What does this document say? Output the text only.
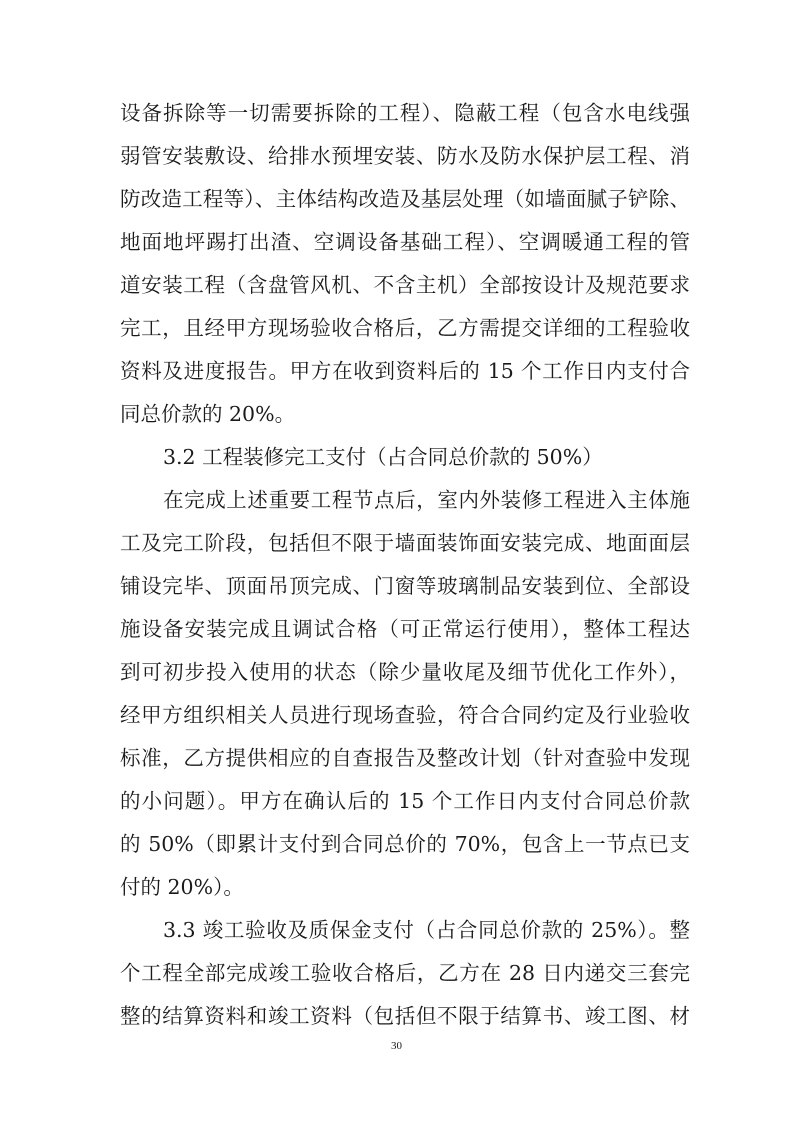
设备拆除等一切需要拆除的工程）、隐蔽工程（包含水电线强
弱管安装敷设、给排水预埋安装、防水及防水保护层工程、消
防改造工程等）、主体结构改造及基层处理（如墙面腻子铲除、
地面地坪踢打出渣、空调设备基础工程）、空调暖通工程的管
道安装工程（含盘管风机、不含主机）全部按设计及规范要求
完工，且经甲方现场验收合格后，乙方需提交详细的工程验收
资料及进度报告。甲方在收到资料后的 15 个工作日内支付合
同总价款的 20%。
3.2 工程装修完工支付（占合同总价款的 50%）
在完成上述重要工程节点后，室内外装修工程进入主体施
工及完工阶段，包括但不限于墙面装饰面安装完成、地面面层
铺设完毕、顶面吊顶完成、门窗等玻璃制品安装到位、全部设
施设备安装完成且调试合格（可正常运行使用），整体工程达
到可初步投入使用的状态（除少量收尾及细节优化工作外），
经甲方组织相关人员进行现场查验，符合合同约定及行业验收
标准，乙方提供相应的自查报告及整改计划（针对查验中发现
的小问题）。甲方在确认后的 15 个工作日内支付合同总价款
的 50%（即累计支付到合同总价的 70%，包含上一节点已支
付的 20%）。
3.3 竣工验收及质保金支付（占合同总价款的 25%）。整
个工程全部完成竣工验收合格后，乙方在 28 日内递交三套完
整的结算资料和竣工资料（包括但不限于结算书、竣工图、材
30
